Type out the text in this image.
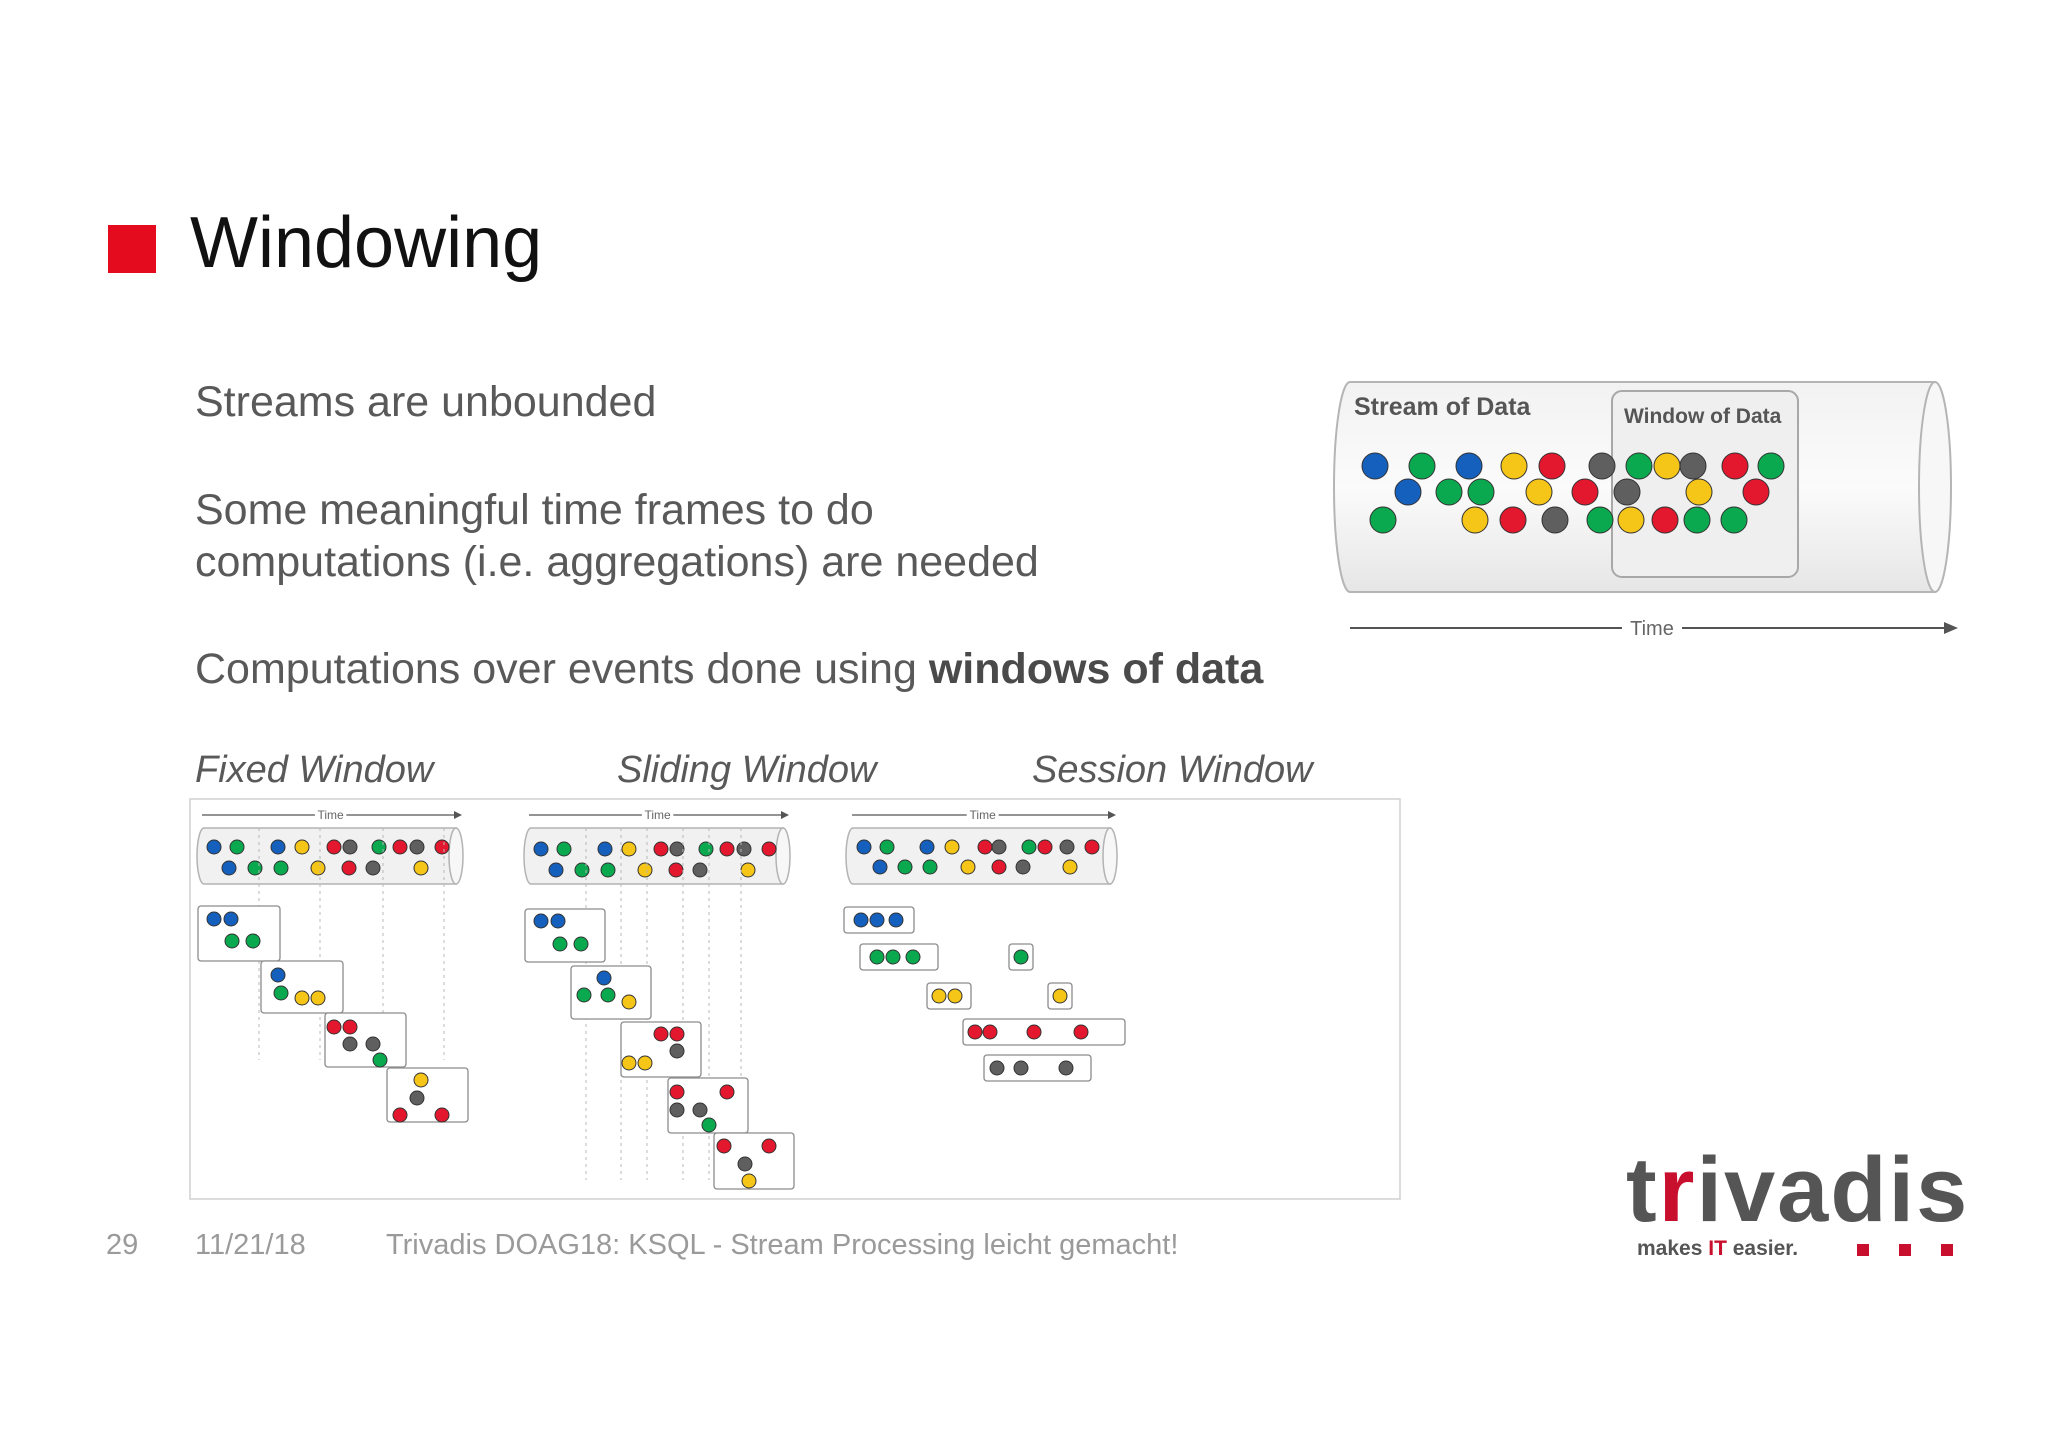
Windowing
Streams are unbounded
Some meaningful time frames to do
computations (i.e. aggregations) are needed
Computations over events done using windows of data
Stream of Data	Window of Data
Time
Fixed Window	Sliding Window	Session Window
Time	Time	Time
29 11/21/18	Trivadis DOAG18: KSQL - Stream Processing leicht gemacht!
trivadis
makes IT easier.
